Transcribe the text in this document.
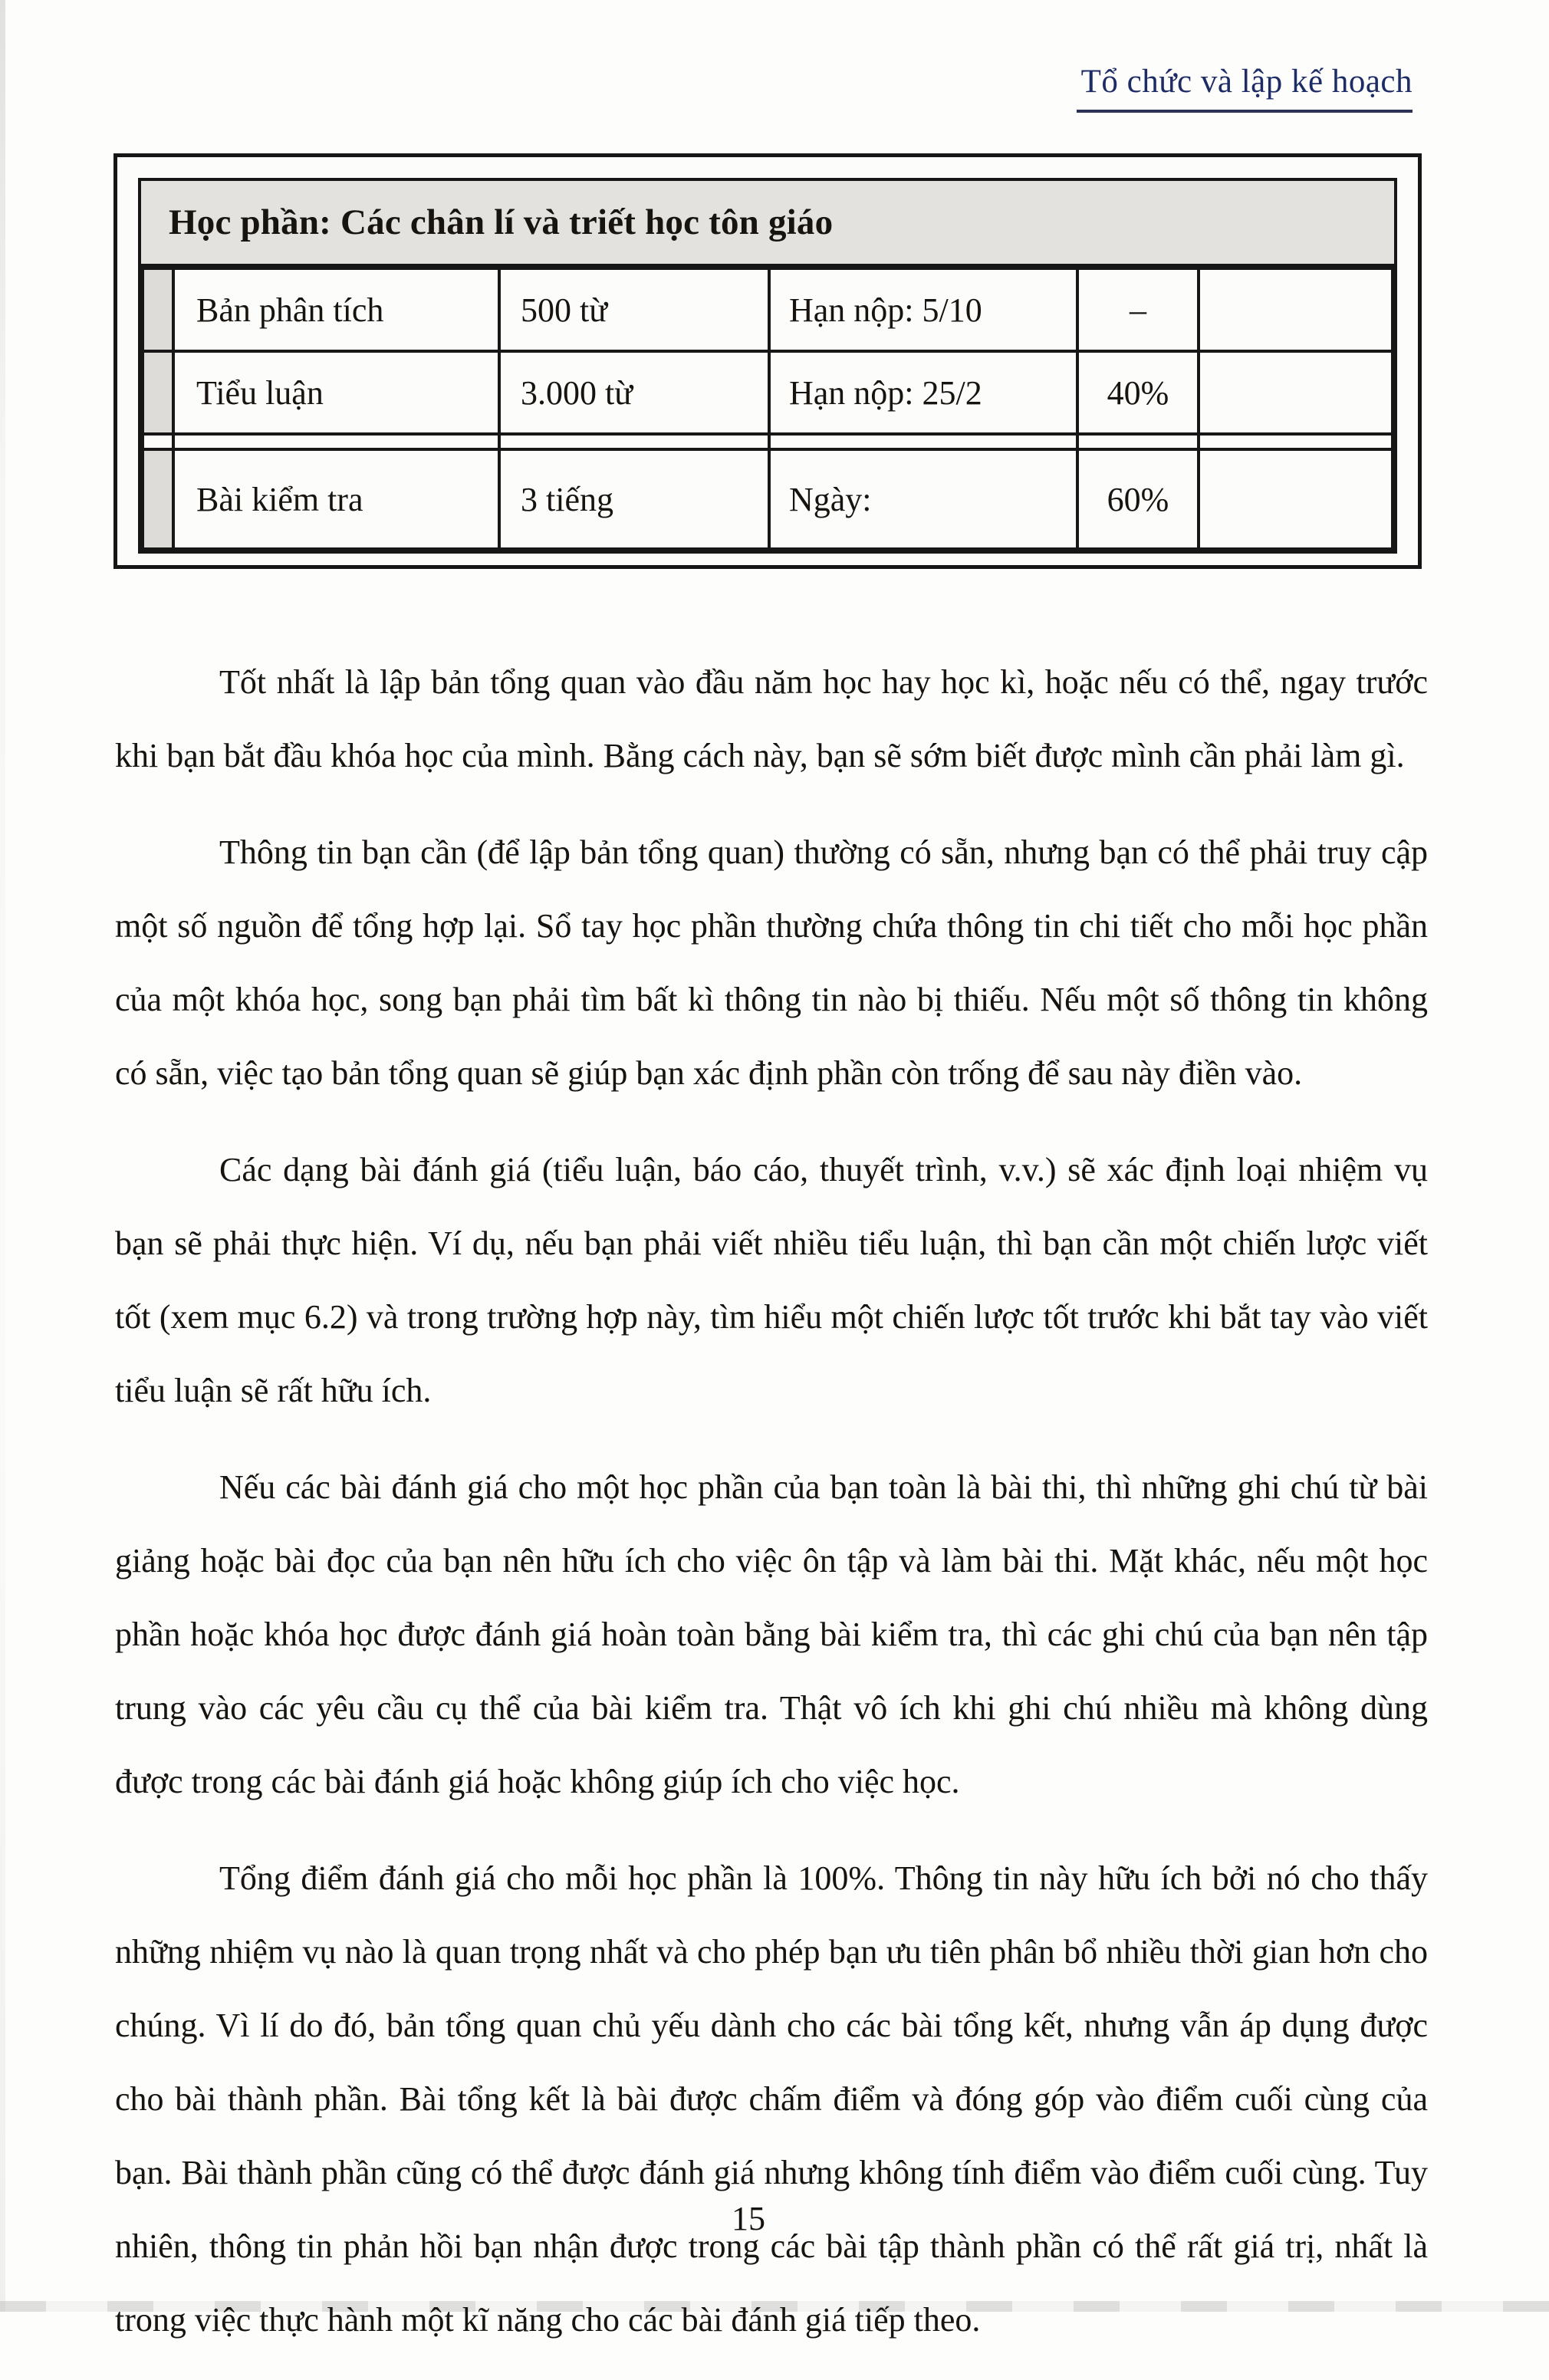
Tổ chức và lập kế hoạch
Học phần: Các chân lí và triết học tôn giáo
	Bản phân tích	500 từ	Hạn nộp: 5/10	–	
	Tiểu luận	3.000 từ	Hạn nộp: 25/2	40%	

	Bài kiểm tra	3 tiếng	Ngày:	60%	

Tốt nhất là lập bản tổng quan vào đầu năm học hay học kì, hoặc nếu có thể, ngay trước khi bạn bắt đầu khóa học của mình. Bằng cách này, bạn sẽ sớm biết được mình cần phải làm gì.

Thông tin bạn cần (để lập bản tổng quan) thường có sẵn, nhưng bạn có thể phải truy cập một số nguồn để tổng hợp lại. Sổ tay học phần thường chứa thông tin chi tiết cho mỗi học phần của một khóa học, song bạn phải tìm bất kì thông tin nào bị thiếu. Nếu một số thông tin không có sẵn, việc tạo bản tổng quan sẽ giúp bạn xác định phần còn trống để sau này điền vào.

Các dạng bài đánh giá (tiểu luận, báo cáo, thuyết trình, v.v.) sẽ xác định loại nhiệm vụ bạn sẽ phải thực hiện. Ví dụ, nếu bạn phải viết nhiều tiểu luận, thì bạn cần một chiến lược viết tốt (xem mục 6.2) và trong trường hợp này, tìm hiểu một chiến lược tốt trước khi bắt tay vào viết tiểu luận sẽ rất hữu ích.

Nếu các bài đánh giá cho một học phần của bạn toàn là bài thi, thì những ghi chú từ bài giảng hoặc bài đọc của bạn nên hữu ích cho việc ôn tập và làm bài thi. Mặt khác, nếu một học phần hoặc khóa học được đánh giá hoàn toàn bằng bài kiểm tra, thì các ghi chú của bạn nên tập trung vào các yêu cầu cụ thể của bài kiểm tra. Thật vô ích khi ghi chú nhiều mà không dùng được trong các bài đánh giá hoặc không giúp ích cho việc học.

Tổng điểm đánh giá cho mỗi học phần là 100%. Thông tin này hữu ích bởi nó cho thấy những nhiệm vụ nào là quan trọng nhất và cho phép bạn ưu tiên phân bổ nhiều thời gian hơn cho chúng. Vì lí do đó, bản tổng quan chủ yếu dành cho các bài tổng kết, nhưng vẫn áp dụng được cho bài thành phần. Bài tổng kết là bài được chấm điểm và đóng góp vào điểm cuối cùng của bạn. Bài thành phần cũng có thể được đánh giá nhưng không tính điểm vào điểm cuối cùng. Tuy nhiên, thông tin phản hồi bạn nhận được trong các bài tập thành phần có thể rất giá trị, nhất là trong việc thực hành một kĩ năng cho các bài đánh giá tiếp theo.

15
